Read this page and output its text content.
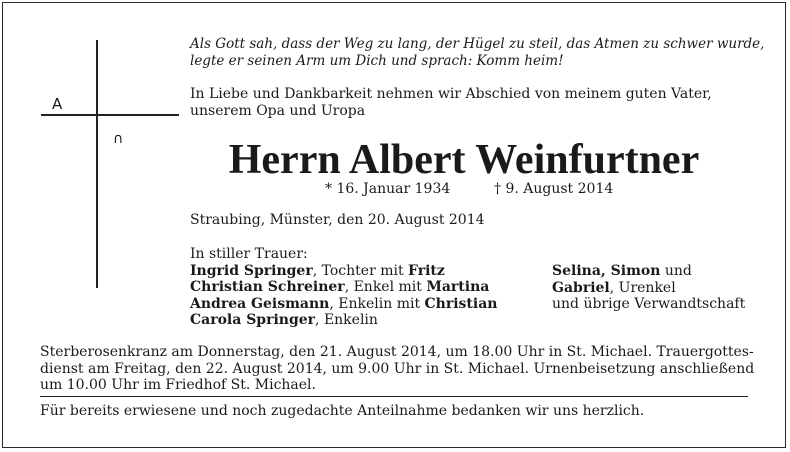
A
∩
Als Gott sah, dass der Weg zu lang, der Hügel zu steil, das Atmen zu schwer wurde,
legte er seinen Arm um Dich und sprach: Komm heim!
In Liebe und Dankbarkeit nehmen wir Abschied von meinem guten Vater,
unserem Opa und Uropa
Herrn Albert Weinfurtner
* 16. Januar 1934	† 9. August 2014
Straubing, Münster, den 20. August 2014
In stiller Trauer:
Ingrid Springer, Tochter mit Fritz
Christian Schreiner, Enkel mit Martina
Andrea Geismann, Enkelin mit Christian
Carola Springer, Enkelin
Selina, Simon und
Gabriel, Urenkel
und übrige Verwandtschaft
Sterberosenkranz am Donnerstag, den 21. August 2014, um 18.00 Uhr in St. Michael. Trauergottes-
dienst am Freitag, den 22. August 2014, um 9.00 Uhr in St. Michael. Urnenbeisetzung anschließend
um 10.00 Uhr im Friedhof St. Michael.
Für bereits erwiesene und noch zugedachte Anteilnahme bedanken wir uns herzlich.
